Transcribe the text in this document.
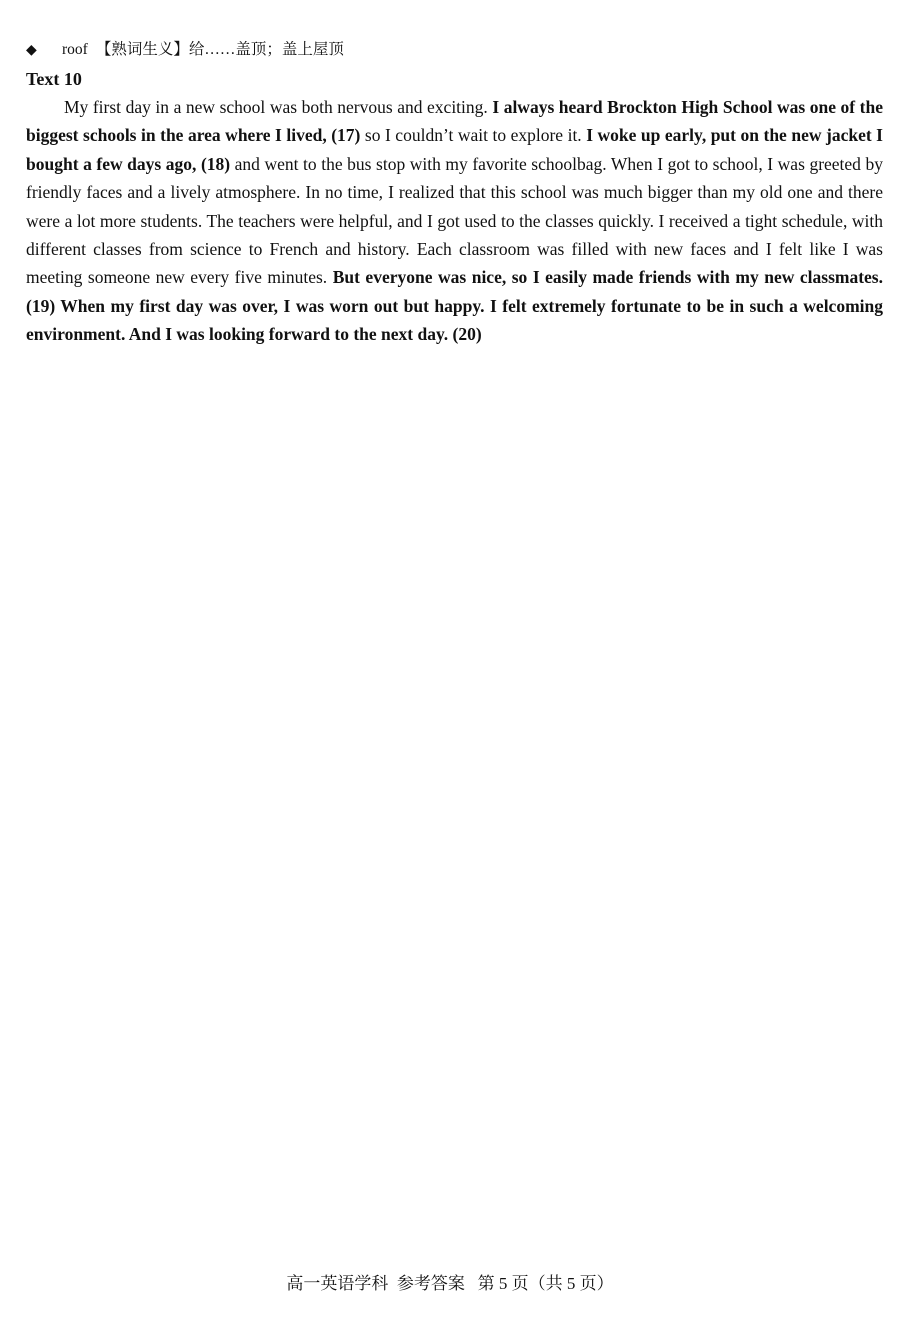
◆ roof 【熟词生义】给……盖顶；盖上屋顶
Text 10

My first day in a new school was both nervous and exciting. I always heard Brockton High School was one of the biggest schools in the area where I lived, (17) so I couldn’t wait to explore it. I woke up early, put on the new jacket I bought a few days ago, (18) and went to the bus stop with my favorite schoolbag. When I got to school, I was greeted by friendly faces and a lively atmosphere. In no time, I realized that this school was much bigger than my old one and there were a lot more students. The teachers were helpful, and I got used to the classes quickly. I received a tight schedule, with different classes from science to French and history. Each classroom was filled with new faces and I felt like I was meeting someone new every five minutes. But everyone was nice, so I easily made friends with my new classmates. (19) When my first day was over, I was worn out but happy. I felt extremely fortunate to be in such a welcoming environment. And I was looking forward to the next day. (20)

高一英语学科  参考答案   第 5 页（共 5 页）
